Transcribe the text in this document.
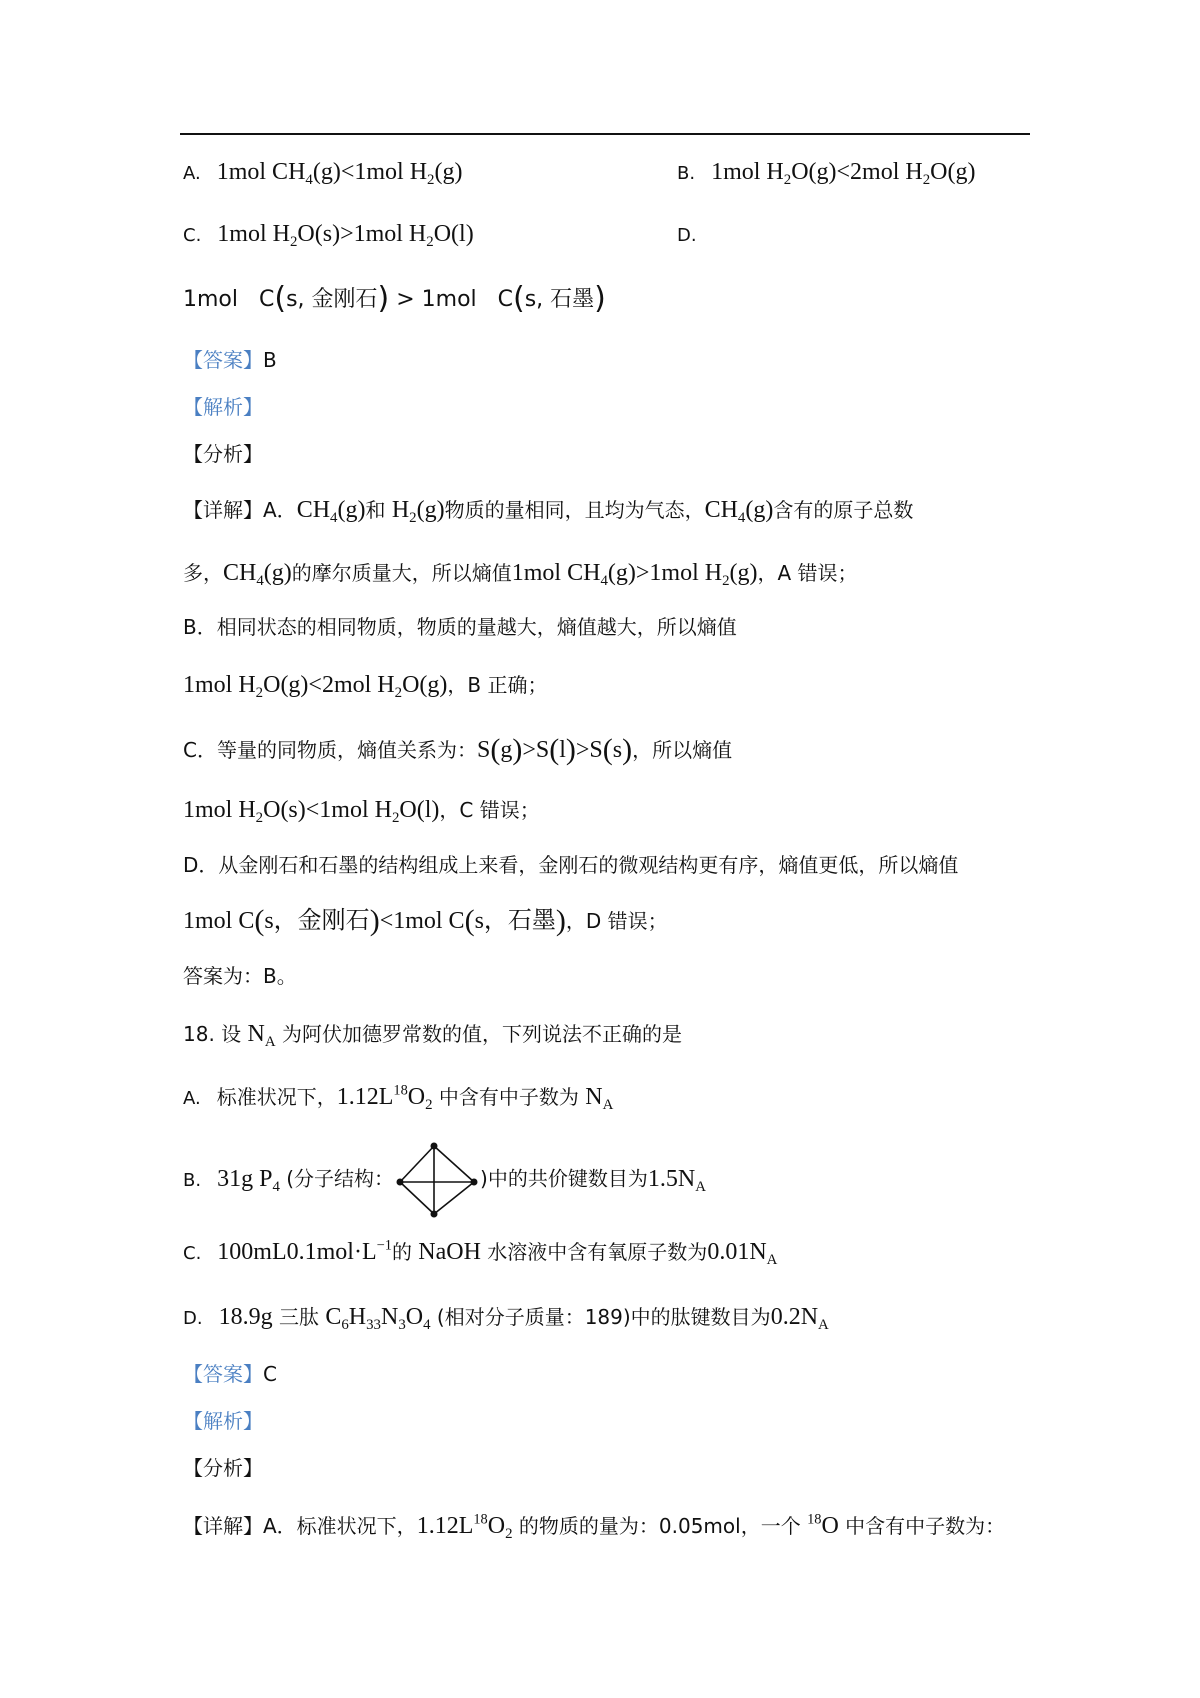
A. 1mol $CH_4(g)<1mol$ $H_2(g)$	B. 1mol $H_2O(g)<2mol$ $H_2O(g)$
C. 1mol $H_2O(s)>1mol$ $H_2O(l)$	D.
1mol   C(s, 金刚石) > 1mol   C(s, 石墨)
【答案】B
【解析】
【分析】
【详解】A．$CH_4(g)$和 $H_2(g)$物质的量相同，且均为气态，$CH_4(g)$含有的原子总数
多，$CH_4(g)$的摩尔质量大，所以熵值1mol $CH_4(g)>1mol$ $H_2(g)$，A 错误；
B．相同状态的相同物质，物质的量越大，熵值越大，所以熵值
1mol $H_2O(g)<2mol$ $H_2O(g)$，B 正确；
C．等量的同物质，熵值关系为：S(g)>S(l)>S(s)，所以熵值
1mol $H_2O(s)<1mol$ $H_2O(l)$，C 错误；
D．从金刚石和石墨的结构组成上来看，金刚石的微观结构更有序，熵值更低，所以熵值
1mol C(s，金刚石)<1mol C(s，石墨)，D 错误；
答案为：B。
18. 设 $N_A$ 为阿伏加德罗常数的值，下列说法不正确的是
A. 标准状况下，$1.12L^{18}O_2$ 中含有中子数为 $N_A$
B. 31g $P_4$ (分子结构：	)中的共价键数目为$1.5N_A$
C. $100mL0.1mol\cdot L^{-1}$的 NaOH 水溶液中含有氧原子数为$0.01N_A$
D. 18.9g 三肽 $C_6H_{33}N_3O_4$ (相对分子质量：189)中的肽键数目为$0.2N_A$
【答案】C
【解析】
【分析】
【详解】A．标准状况下，$1.12L^{18}O_2$ 的物质的量为：0.05mol，一个 $^{18}$O 中含有中子数为：
